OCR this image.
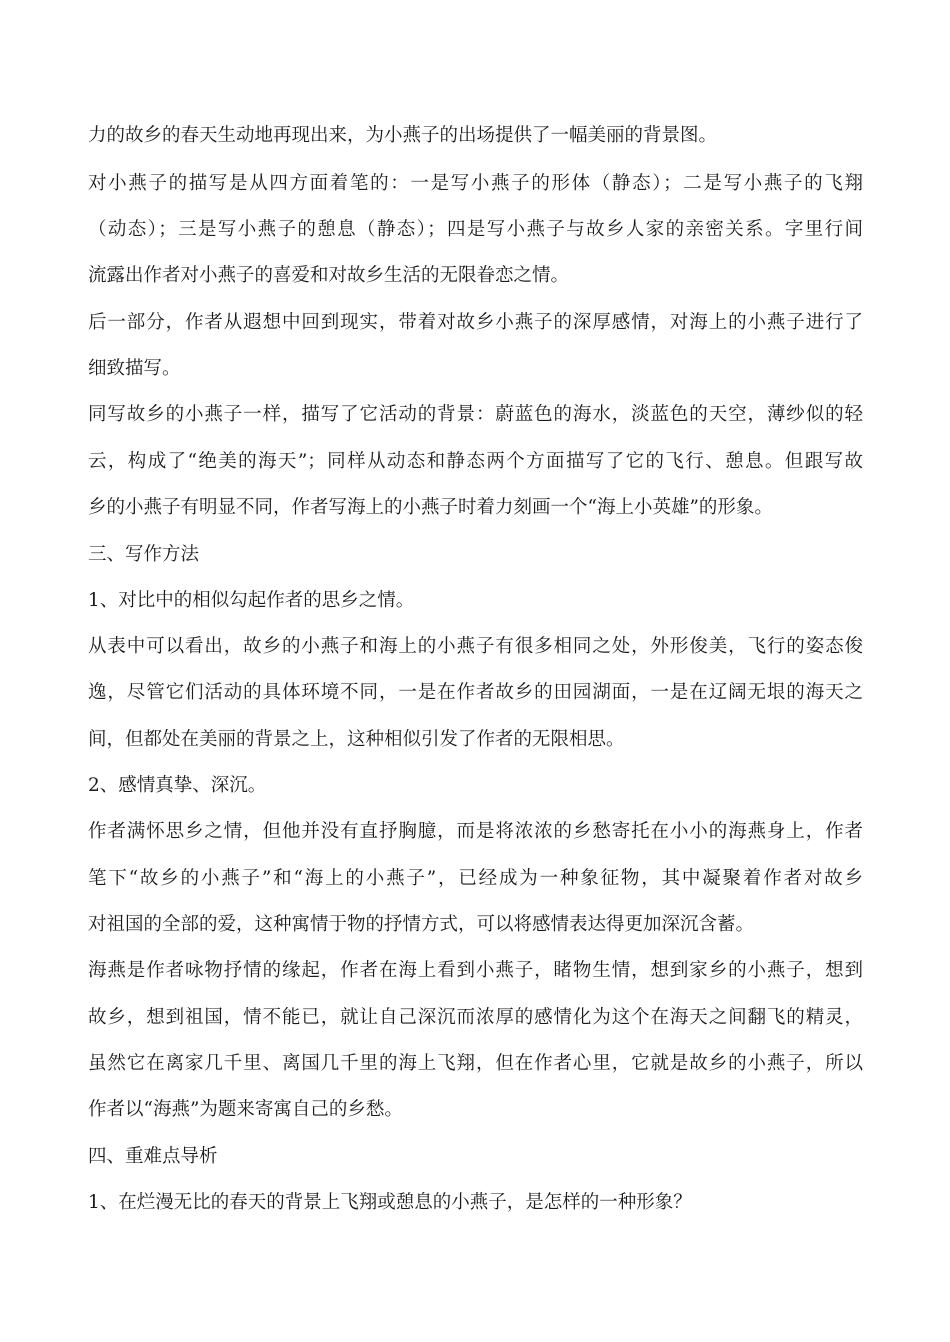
力的故乡的春天生动地再现出来，为小燕子的出场提供了一幅美丽的背景图。
对小燕子的描写是从四方面着笔的：一是写小燕子的形体（静态）；二是写小燕子的飞翔
（动态）；三是写小燕子的憩息（静态）；四是写小燕子与故乡人家的亲密关系。字里行间
流露出作者对小燕子的喜爱和对故乡生活的无限眷恋之情。
后一部分，作者从遐想中回到现实，带着对故乡小燕子的深厚感情，对海上的小燕子进行了
细致描写。
同写故乡的小燕子一样，描写了它活动的背景：蔚蓝色的海水，淡蓝色的天空，薄纱似的轻
云，构成了“绝美的海天”；同样从动态和静态两个方面描写了它的飞行、憩息。但跟写故
乡的小燕子有明显不同，作者写海上的小燕子时着力刻画一个“海上小英雄”的形象。
三、写作方法
1、对比中的相似勾起作者的思乡之情。
从表中可以看出，故乡的小燕子和海上的小燕子有很多相同之处，外形俊美，飞行的姿态俊
逸，尽管它们活动的具体环境不同，一是在作者故乡的田园湖面，一是在辽阔无垠的海天之
间，但都处在美丽的背景之上，这种相似引发了作者的无限相思。
2、感情真挚、深沉。
作者满怀思乡之情，但他并没有直抒胸臆，而是将浓浓的乡愁寄托在小小的海燕身上，作者
笔下“故乡的小燕子”和“海上的小燕子”，已经成为一种象征物，其中凝聚着作者对故乡
对祖国的全部的爱，这种寓情于物的抒情方式，可以将感情表达得更加深沉含蓄。
海燕是作者咏物抒情的缘起，作者在海上看到小燕子，睹物生情，想到家乡的小燕子，想到
故乡，想到祖国，情不能已，就让自己深沉而浓厚的感情化为这个在海天之间翻飞的精灵，
虽然它在离家几千里、离国几千里的海上飞翔，但在作者心里，它就是故乡的小燕子，所以
作者以“海燕”为题来寄寓自己的乡愁。
四、重难点导析
1、在烂漫无比的春天的背景上飞翔或憩息的小燕子，是怎样的一种形象？
